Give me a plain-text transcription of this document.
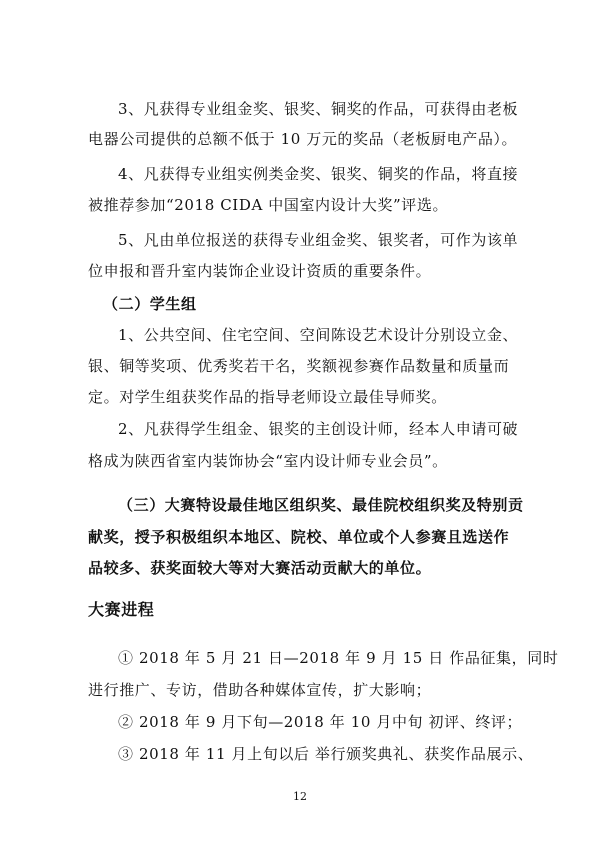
3、凡获得专业组金奖、银奖、铜奖的作品，可获得由老板
电器公司提供的总额不低于 10 万元的奖品（老板厨电产品）。
4、凡获得专业组实例类金奖、银奖、铜奖的作品，将直接
被推荐参加“2018 CIDA 中国室内设计大奖”评选。
5、凡由单位报送的获得专业组金奖、银奖者，可作为该单
位申报和晋升室内装饰企业设计资质的重要条件。
（二）学生组
1、公共空间、住宅空间、空间陈设艺术设计分别设立金、
银、铜等奖项、优秀奖若干名，奖额视参赛作品数量和质量而
定。对学生组获奖作品的指导老师设立最佳导师奖。
2、凡获得学生组金、银奖的主创设计师，经本人申请可破
格成为陕西省室内装饰协会“室内设计师专业会员”。
（三）大赛特设最佳地区组织奖、最佳院校组织奖及特别贡
献奖，授予积极组织本地区、院校、单位或个人参赛且选送作
品较多、获奖面较大等对大赛活动贡献大的单位。
大赛进程
① 2018 年 5 月 21 日—2018 年 9 月 15 日 作品征集，同时
进行推广、专访，借助各种媒体宣传，扩大影响；
② 2018 年 9 月下旬—2018 年 10 月中旬 初评、终评；
③ 2018 年 11 月上旬以后 举行颁奖典礼、获奖作品展示、
12
